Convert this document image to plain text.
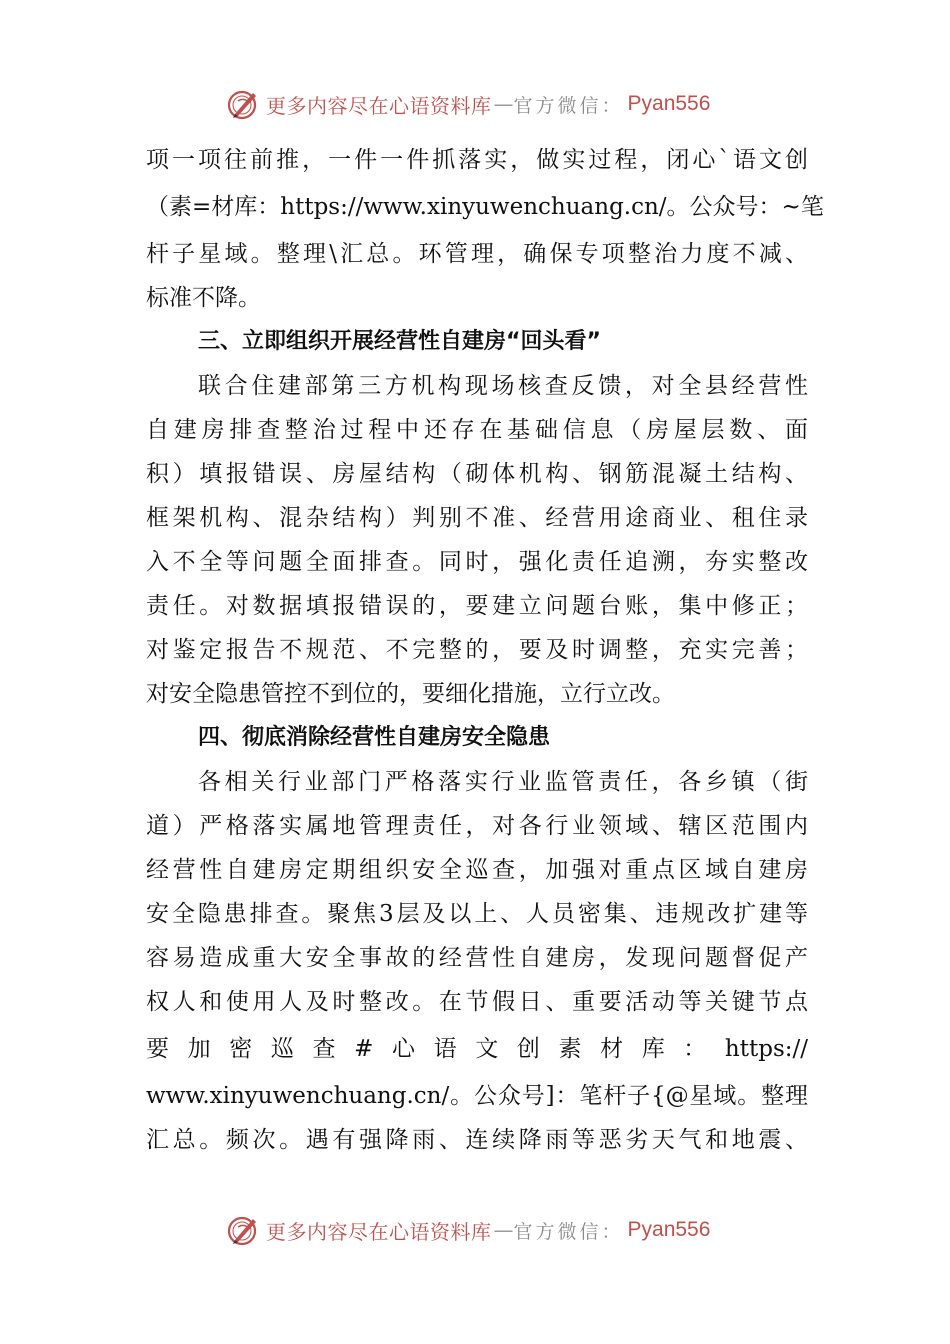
更多内容尽在心语资料库 — 官方微信： Pyan556
项一项往前推，一件一件抓落实，做实过程，闭心`语文创
（素=材库：https://www.xinyuwenchuang.cn/。公众号：~笔
杆子星域。整理\汇总。环管理，确保专项整治力度不减、
标准不降。
三、立即组织开展经营性自建房“回头看”
联合住建部第三方机构现场核查反馈，对全县经营性
自建房排查整治过程中还存在基础信息（房屋层数、面
积）填报错误、房屋结构（砌体机构、钢筋混凝土结构、
框架机构、混杂结构）判别不准、经营用途商业、租住录
入不全等问题全面排查。同时，强化责任追溯，夯实整改
责任。对数据填报错误的，要建立问题台账，集中修正；
对鉴定报告不规范、不完整的，要及时调整，充实完善；
对安全隐患管控不到位的，要细化措施，立行立改。
四、彻底消除经营性自建房安全隐患
各相关行业部门严格落实行业监管责任，各乡镇（街
道）严格落实属地管理责任，对各行业领域、辖区范围内
经营性自建房定期组织安全巡查，加强对重点区域自建房
安全隐患排查。聚焦3层及以上、人员密集、违规改扩建等
容易造成重大安全事故的经营性自建房，发现问题督促产
权人和使用人及时整改。在节假日、重要活动等关键节点
要加密巡查#心语文创素材库：https://
www.xinyuwenchuang.cn/。公众号]：笔杆子{@星域。整理
汇总。频次。遇有强降雨、连续降雨等恶劣天气和地震、
更多内容尽在心语资料库 — 官方微信： Pyan556
